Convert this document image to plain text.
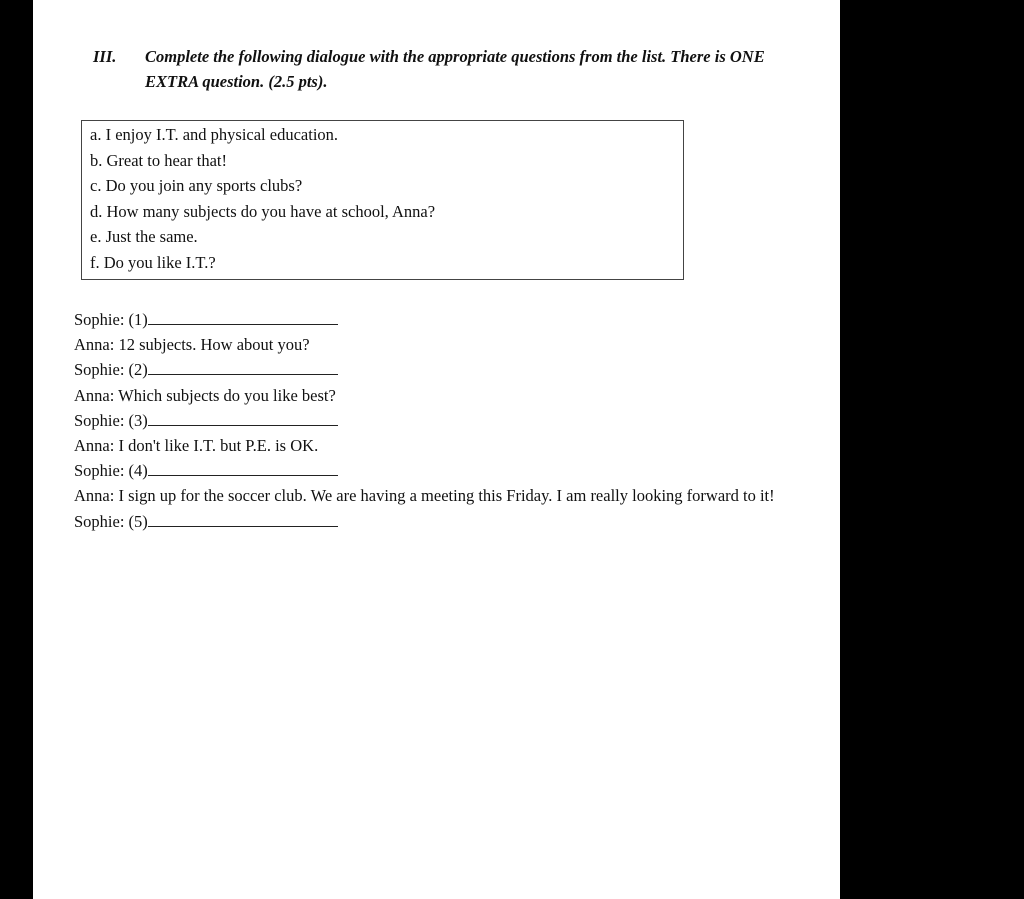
III. Complete the following dialogue with the appropriate questions from the list. There is ONE EXTRA question. (2.5 pts).
a. I enjoy I.T. and physical education.
b. Great to hear that!
c. Do you join any sports clubs?
d. How many subjects do you have at school, Anna?
e. Just the same.
f. Do you like I.T.?

Sophie: (1)

Anna: 12 subjects. How about you?

Sophie: (2)

Anna: Which subjects do you like best?

Sophie: (3)

Anna: I don't like I.T. but P.E. is OK.

Sophie: (4)

Anna: I sign up for the soccer club. We are having a meeting this Friday. I am really looking forward to it!

Sophie: (5)
